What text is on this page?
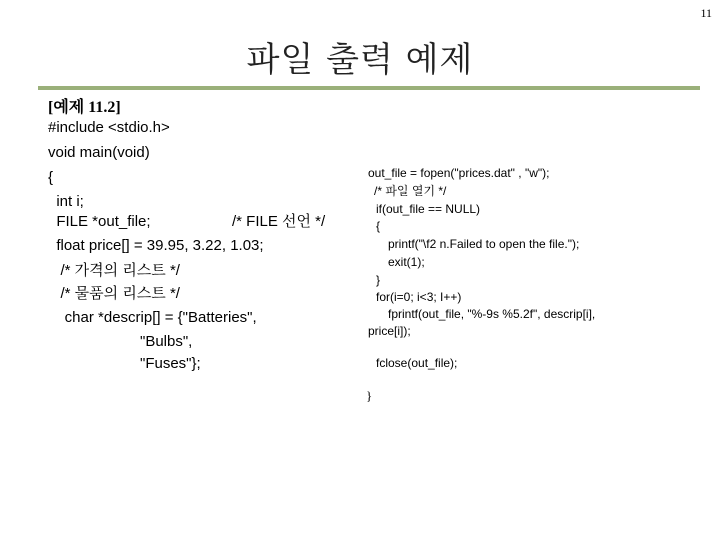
11
파일 출력 예제
[예제 11.2]
#include <stdio.h>
void main(void)
{
int i;
FILE *out_file;	/* FILE 선언 */
float price[] = 39.95, 3.22, 1.03;
/* 가격의 리스트 */
/* 물품의 리스트 */
char *descrip[] = {"Batteries",
"Bulbs",
"Fuses"};
out_file = fopen("prices.dat" , "w");
/* 파일 열기 */
if(out_file == NULL)
{
printf("\f2 n.Failed to open the file.");
exit(1);
}
for(i=0; i<3; I++)
fprintf(out_file, "%-9s %5.2f", descrip[i],
price[i]);
fclose(out_file);
}
